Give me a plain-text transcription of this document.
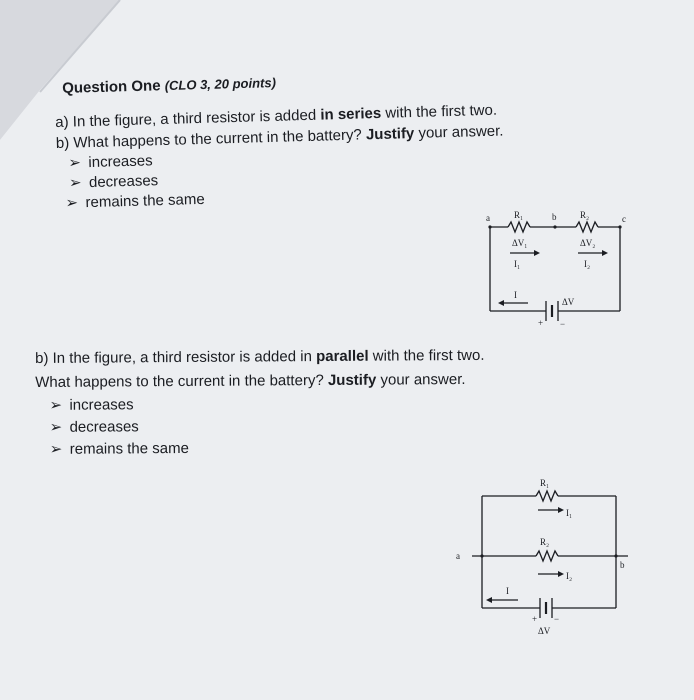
Question One (CLO 3, 20 points)
a) In the figure, a third resistor is added in series with the first two.
b) What happens to the current in the battery? Justify your answer.
➢ increases
➢ decreases
➢ remains the same
a	b	c
R₁	R₂
ΔV₁	ΔV₂
I₁	I₂
I
ΔV
+ −
b) In the figure, a third resistor is added in parallel with the first two.
What happens to the current in the battery? Justify your answer.
➢ increases
➢ decreases
➢ remains the same
a
b
R₁
R₂
I₁
I₂
I
+ −
ΔV
